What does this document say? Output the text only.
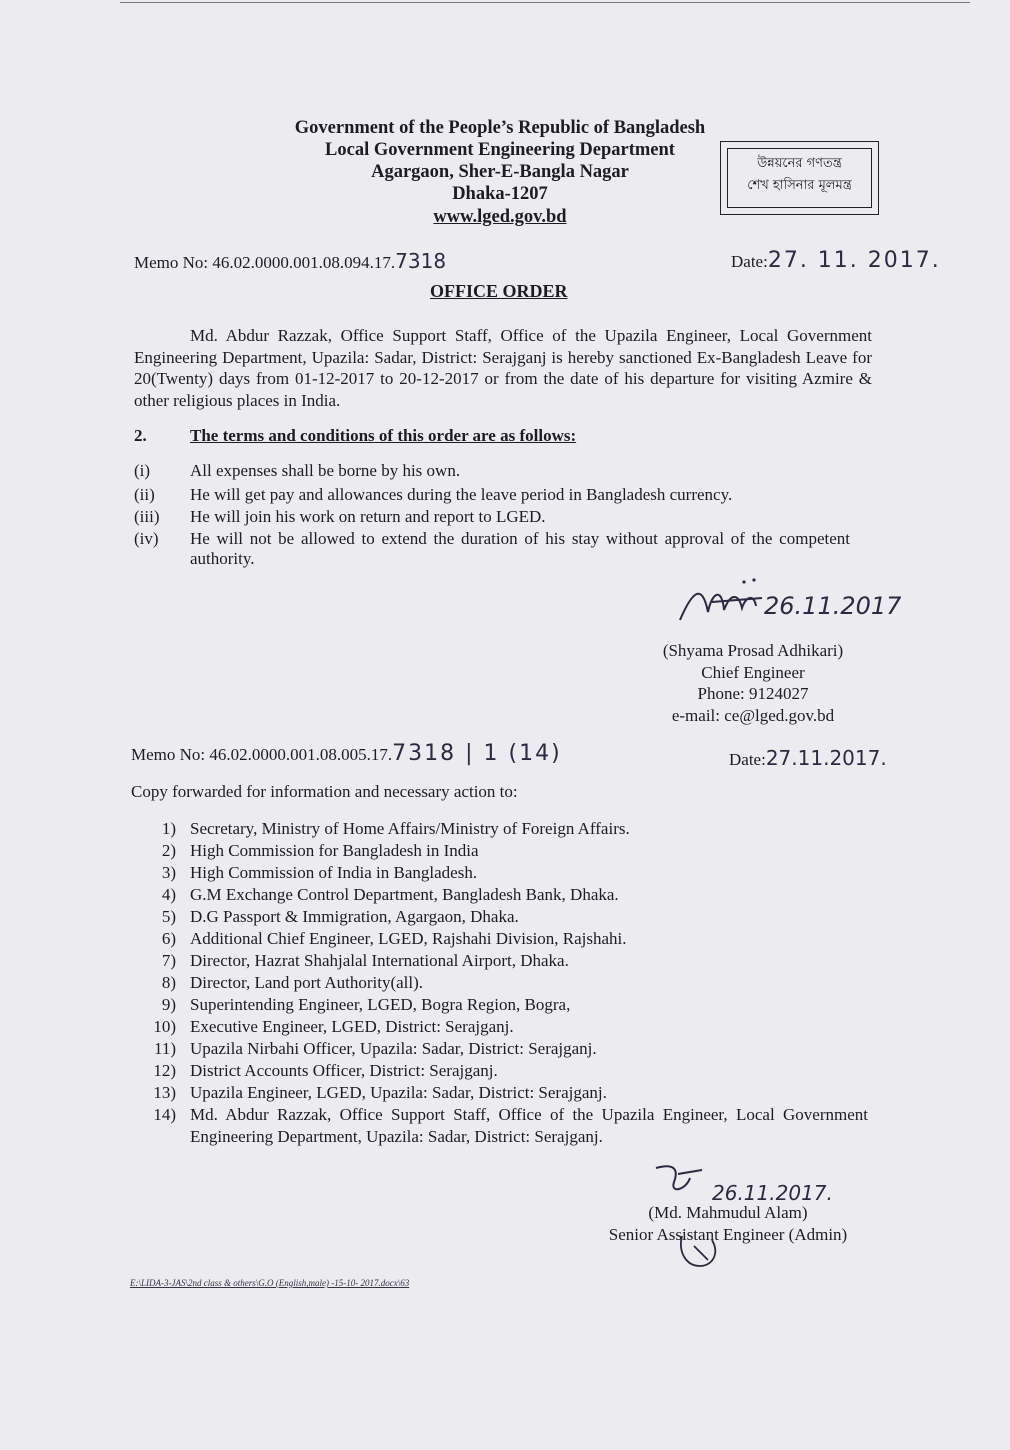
Government of the People’s Republic of Bangladesh
Local Government Engineering Department
Agargaon, Sher-E-Bangla Nagar
Dhaka-1207
www.lged.gov.bd
উন্নয়নের গণতন্ত্র
শেখ হাসিনার মূলমন্ত্র
Memo No: 46.02.0000.001.08.094.17.7318	Date:27. 11. 2017.
OFFICE ORDER
Md. Abdur Razzak, Office Support Staff, Office of the Upazila Engineer, Local Government Engineering Department, Upazila: Sadar, District: Serajganj is hereby sanctioned Ex-Bangladesh Leave for 20(Twenty) days from 01-12-2017 to 20-12-2017 or from the date of his departure for visiting Azmire & other religious places in India.
2.	The terms and conditions of this order are as follows:
(i) All expenses shall be borne by his own.
(ii) He will get pay and allowances during the leave period in Bangladesh currency.
(iii) He will join his work on return and report to LGED.
(iv) He will not be allowed to extend the duration of his stay without approval of the competent authority.
26.11.2017
(Shyama Prosad Adhikari)
Chief Engineer
Phone: 9124027
e-mail: ce@lged.gov.bd
Memo No: 46.02.0000.001.08.005.17.7318 | 1 (14)	Date:27.11.2017.
Copy forwarded for information and necessary action to:
1) Secretary, Ministry of Home Affairs/Ministry of Foreign Affairs.
2) High Commission for Bangladesh in India
3) High Commission of India in Bangladesh.
4) G.M Exchange Control Department, Bangladesh Bank, Dhaka.
5) D.G Passport & Immigration, Agargaon, Dhaka.
6) Additional Chief Engineer, LGED, Rajshahi Division, Rajshahi.
7) Director, Hazrat Shahjalal International Airport, Dhaka.
8) Director, Land port Authority(all).
9) Superintending Engineer, LGED, Bogra Region, Bogra,
10) Executive Engineer, LGED, District: Serajganj.
11) Upazila Nirbahi Officer, Upazila: Sadar, District: Serajganj.
12) District Accounts Officer, District: Serajganj.
13) Upazila Engineer, LGED, Upazila: Sadar, District: Serajganj.
14) Md. Abdur Razzak, Office Support Staff, Office of the Upazila Engineer, Local Government Engineering Department, Upazila: Sadar, District: Serajganj.
26.11.2017.
(Md. Mahmudul Alam)
Senior Assistant Engineer (Admin)
E:\LIDA-3-JAS\2nd class & others\G.O (English,male) -15-10- 2017.docx\63
